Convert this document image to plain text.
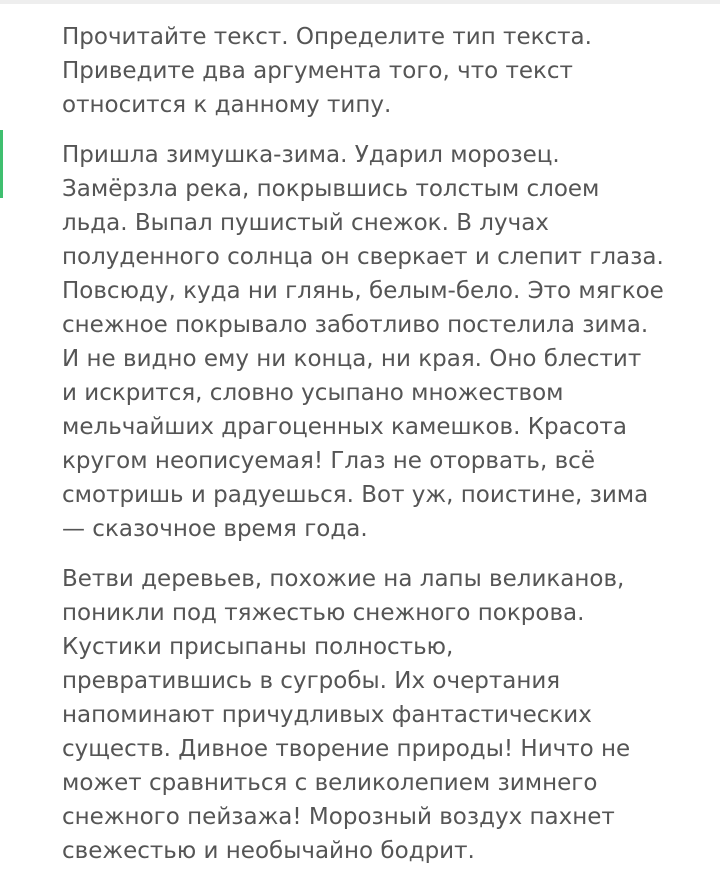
Прочитайте текст. Определите тип текста.
Приведите два аргумента того, что текст
относится к данному типу.

Пришла зимушка-зима. Ударил морозец.
Замёрзла река, покрывшись толстым слоем
льда. Выпал пушистый снежок. В лучах
полуденного солнца он сверкает и слепит глаза.
Повсюду, куда ни глянь, белым-бело. Это мягкое
снежное покрывало заботливо постелила зима.
И не видно ему ни конца, ни края. Оно блестит
и искрится, словно усыпано множеством
мельчайших драгоценных камешков. Красота
кругом неописуемая! Глаз не оторвать, всё
смотришь и радуешься. Вот уж, поистине, зима
— сказочное время года.

Ветви деревьев, похожие на лапы великанов,
поникли под тяжестью снежного покрова.
Кустики присыпаны полностью,
превратившись в сугробы. Их очертания
напоминают причудливых фантастических
существ. Дивное творение природы! Ничто не
может сравниться с великолепием зимнего
снежного пейзажа! Морозный воздух пахнет
свежестью и необычайно бодрит.
